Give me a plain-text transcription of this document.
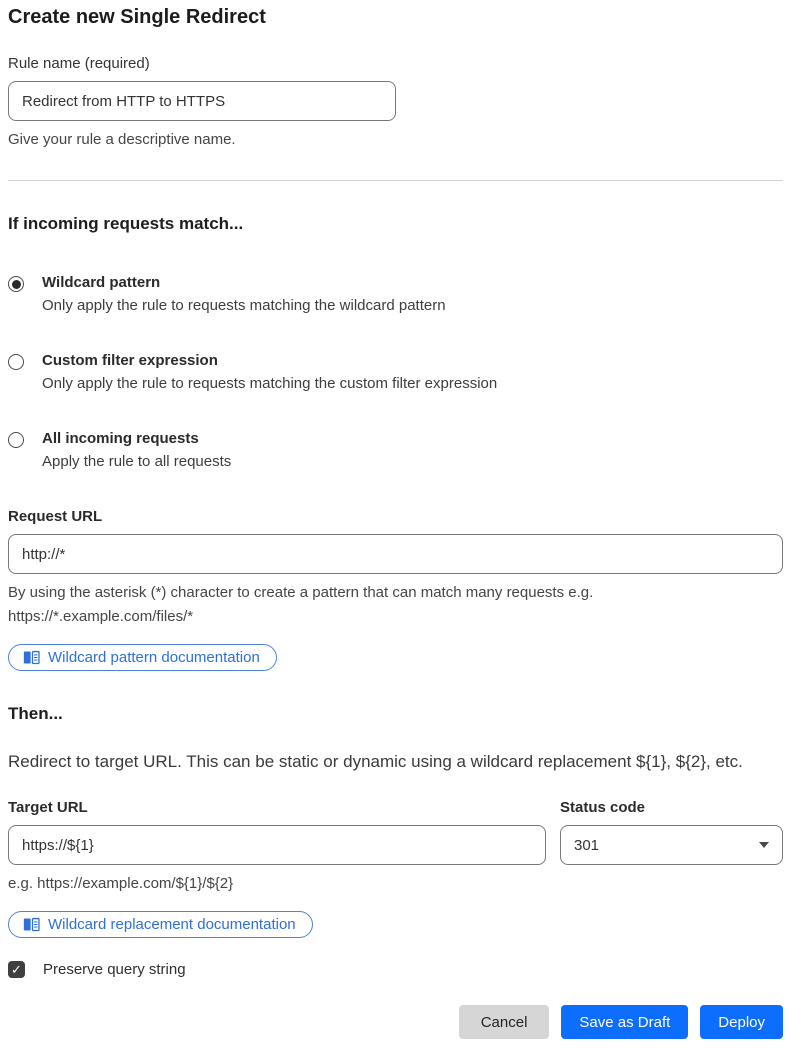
Create new Single Redirect
Rule name (required)
Redirect from HTTP to HTTPS
Give your rule a descriptive name.
If incoming requests match...
Wildcard pattern
Only apply the rule to requests matching the wildcard pattern
Custom filter expression
Only apply the rule to requests matching the custom filter expression
All incoming requests
Apply the rule to all requests
Request URL
http://*
By using the asterisk (*) character to create a pattern that can match many requests e.g.
https://*.example.com/files/*
Wildcard pattern documentation
Then...

Redirect to target URL. This can be static or dynamic using a wildcard replacement ${1}, ${2}, etc.

Target URL
https://${1}
e.g. https://example.com/${1}/${2}
Status code
301
Wildcard replacement documentation
✓ Preserve query string
Cancel	Save as Draft	Deploy
